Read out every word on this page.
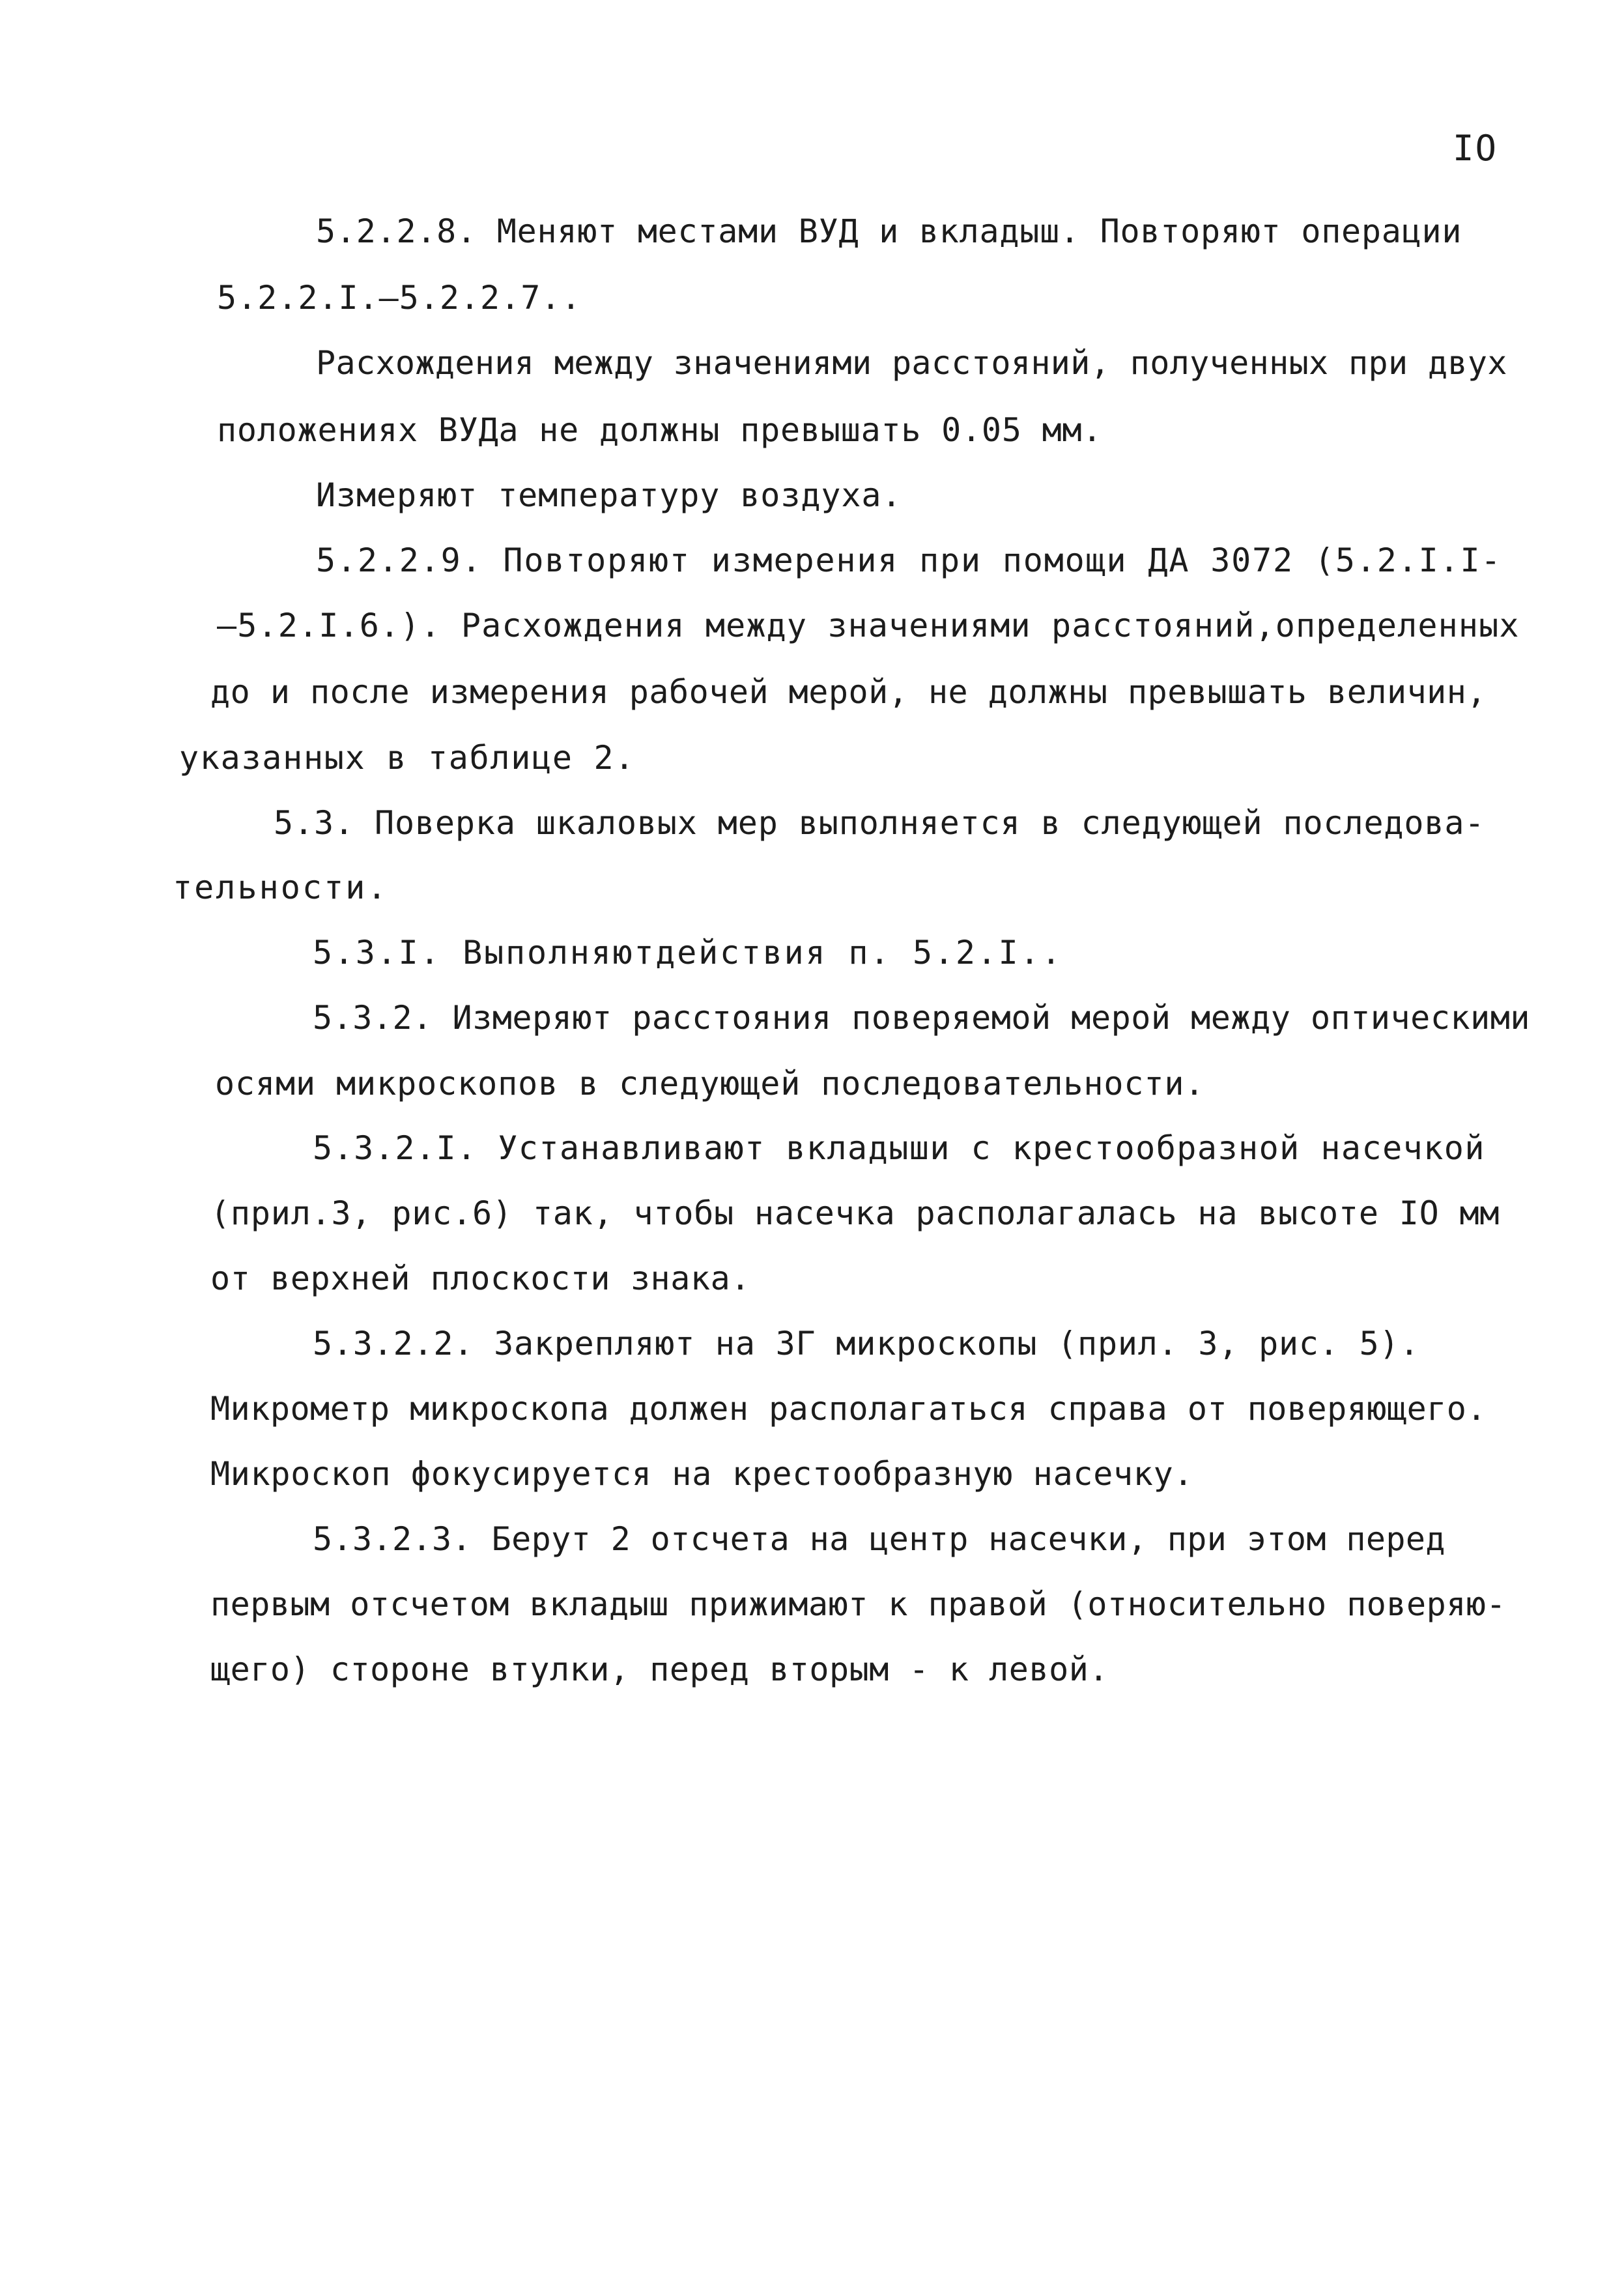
IO
5.2.2.8. Меняют местами ВУД и вкладыш. Повторяют операции
5.2.2.I.–5.2.2.7..
Расхождения между значениями расстояний, полученных при двух
положениях ВУДа не должны превышать 0.05 мм.
Измеряют температуру воздуха.
5.2.2.9. Повторяют измерения при помощи ДА 3072 (5.2.I.I-
–5.2.I.6.). Расхождения между значениями расстояний,определенных
до и после измерения рабочей мерой, не должны превышать величин,
указанных в таблице 2.
5.3. Поверка шкаловых мер выполняется в следующей последова-
тельности.
5.3.I. Выполняютдействия п. 5.2.I..
5.3.2. Измеряют расстояния поверяемой мерой между оптическими
осями микроскопов в следующей последовательности.
5.3.2.I. Устанавливают вкладыши с крестообразной насечкой
(прил.3, рис.6) так, чтобы насечка располагалась на высоте IO мм
от верхней плоскости знака.
5.3.2.2. Закрепляют на ЗГ микроскопы (прил. 3, рис. 5).
Микрометр микроскопа должен располагаться справа от поверяющего.
Микроскоп фокусируется на крестообразную насечку.
5.3.2.3. Берут 2 отсчета на центр насечки, при этом перед
первым отсчетом вкладыш прижимают к правой (относительно поверяю-
щего) стороне втулки, перед вторым - к левой.
